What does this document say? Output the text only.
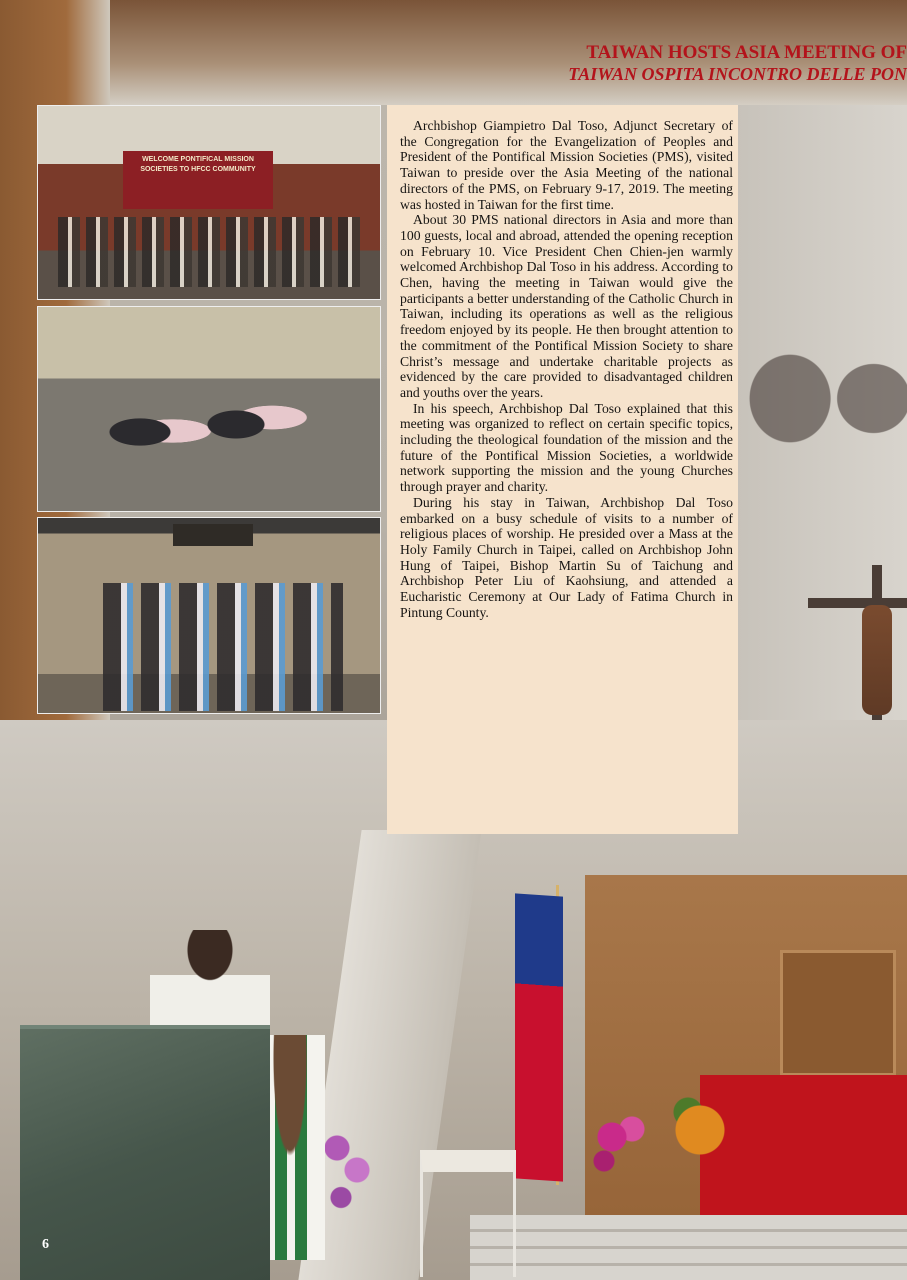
TAIWAN HOSTS ASIA MEETING OF
TAIWAN OSPITA INCONTRO DELLE PON
WELCOME PONTIFICAL MISSION SOCIETIES TO HFCC COMMUNITY

Archbishop Giampietro Dal Toso, Adjunct Secretary of the Congregation for the Evangelization of Peoples and President of the Pontifical Mission Societies (PMS), visited Taiwan to preside over the Asia Meeting of the national directors of the PMS, on February 9-17, 2019. The meeting was hosted in Taiwan for the first time.

About 30 PMS national directors in Asia and more than 100 guests, local and abroad, attended the opening reception on February 10. Vice President Chen Chien-jen warmly welcomed Archbishop Dal Toso in his address. According to Chen, having the meeting in Taiwan would give the participants a better understanding of the Catholic Church in Taiwan, including its operations as well as the religious freedom enjoyed by its people. He then brought attention to the commitment of the Pontifical Mission Society to share Christ’s message and undertake charitable projects as evidenced by the care provided to disadvantaged children and youths over the years.

In his speech, Archbishop Dal Toso explained that this meeting was organized to reflect on certain specific topics, including the theological foundation of the mission and the future of the Pontifical Mission Societies, a worldwide network supporting the mission and the young Churches through prayer and charity.

During his stay in Taiwan, Archbishop Dal Toso embarked on a busy schedule of visits to a number of religious places of worship. He presided over a Mass at the Holy Family Church in Taipei, called on Archbishop John Hung of Taipei, Bishop Martin Su of Taichung and Archbishop Peter Liu of Kaohsiung, and attended a Eucharistic Ceremony at Our Lady of Fatima Church in Pintung County.

6
